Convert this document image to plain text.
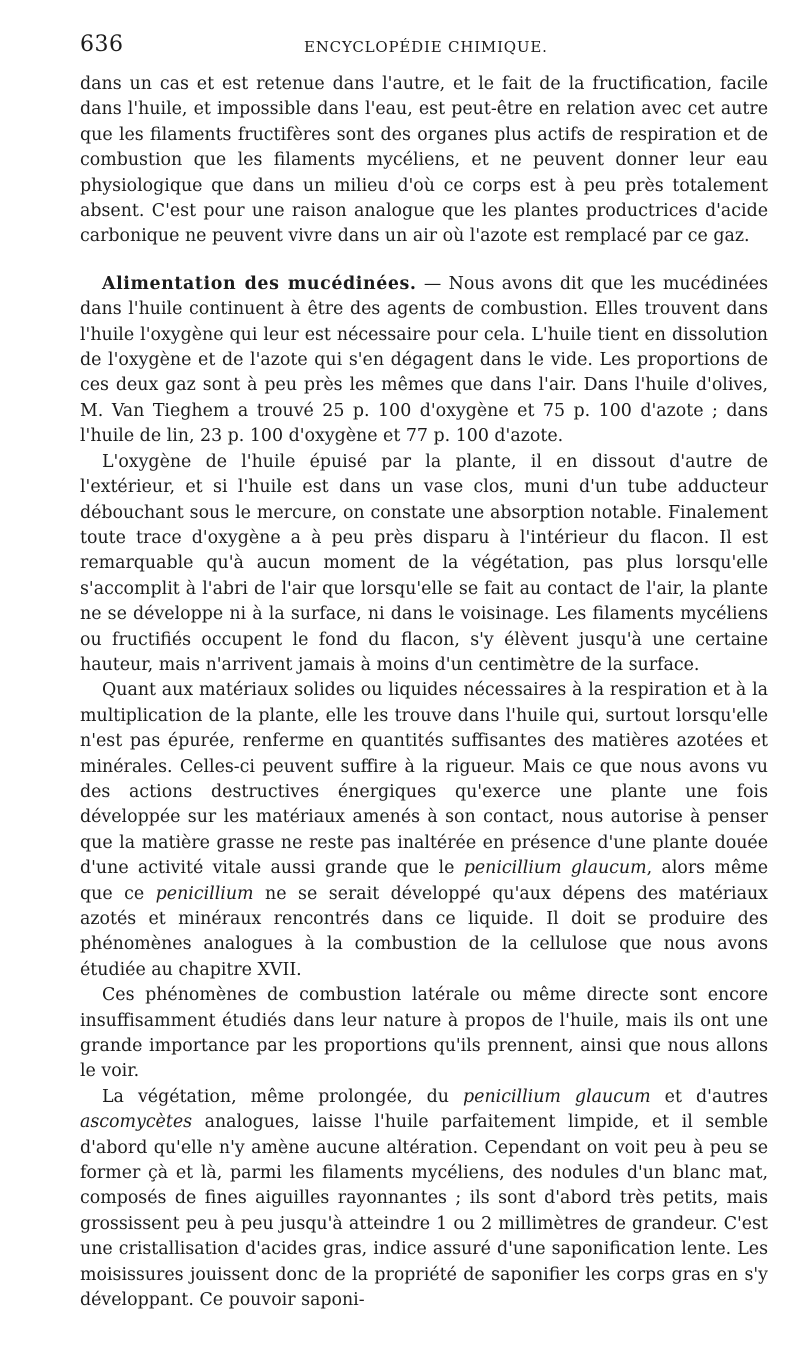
636	ENCYCLOPÉDIE CHIMIQUE.

dans un cas et est retenue dans l'autre, et le fait de la fructification, facile dans l'huile, et impossible dans l'eau, est peut-être en relation avec cet autre que les filaments fructifères sont des organes plus actifs de respiration et de combustion que les filaments mycéliens, et ne peuvent donner leur eau physiologique que dans un milieu d'où ce corps est à peu près totalement absent. C'est pour une raison analogue que les plantes productrices d'acide carbonique ne peuvent vivre dans un air où l'azote est remplacé par ce gaz.

Alimentation des mucédinées. — Nous avons dit que les mucédinées dans l'huile continuent à être des agents de combustion. Elles trouvent dans l'huile l'oxygène qui leur est nécessaire pour cela. L'huile tient en dissolution de l'oxygène et de l'azote qui s'en dégagent dans le vide. Les proportions de ces deux gaz sont à peu près les mêmes que dans l'air. Dans l'huile d'olives, M. Van Tieghem a trouvé 25 p. 100 d'oxygène et 75 p. 100 d'azote ; dans l'huile de lin, 23 p. 100 d'oxygène et 77 p. 100 d'azote.

L'oxygène de l'huile épuisé par la plante, il en dissout d'autre de l'extérieur, et si l'huile est dans un vase clos, muni d'un tube adducteur débouchant sous le mercure, on constate une absorption notable. Finalement toute trace d'oxygène a à peu près disparu à l'intérieur du flacon. Il est remarquable qu'à aucun moment de la végétation, pas plus lorsqu'elle s'accomplit à l'abri de l'air que lorsqu'elle se fait au contact de l'air, la plante ne se développe ni à la surface, ni dans le voisinage. Les filaments mycéliens ou fructifiés occupent le fond du flacon, s'y élèvent jusqu'à une certaine hauteur, mais n'arrivent jamais à moins d'un centimètre de la surface.

Quant aux matériaux solides ou liquides nécessaires à la respiration et à la multiplication de la plante, elle les trouve dans l'huile qui, surtout lorsqu'elle n'est pas épurée, renferme en quantités suffisantes des matières azotées et minérales. Celles-ci peuvent suffire à la rigueur. Mais ce que nous avons vu des actions destructives énergiques qu'exerce une plante une fois développée sur les matériaux amenés à son contact, nous autorise à penser que la matière grasse ne reste pas inaltérée en présence d'une plante douée d'une activité vitale aussi grande que le penicillium glaucum, alors même que ce penicillium ne se serait développé qu'aux dépens des matériaux azotés et minéraux rencontrés dans ce liquide. Il doit se produire des phénomènes analogues à la combustion de la cellulose que nous avons étudiée au chapitre XVII.

Ces phénomènes de combustion latérale ou même directe sont encore insuffisamment étudiés dans leur nature à propos de l'huile, mais ils ont une grande importance par les proportions qu'ils prennent, ainsi que nous allons le voir.

La végétation, même prolongée, du penicillium glaucum et d'autres ascomycètes analogues, laisse l'huile parfaitement limpide, et il semble d'abord qu'elle n'y amène aucune altération. Cependant on voit peu à peu se former çà et là, parmi les filaments mycéliens, des nodules d'un blanc mat, composés de fines aiguilles rayonnantes ; ils sont d'abord très petits, mais grossissent peu à peu jusqu'à atteindre 1 ou 2 millimètres de grandeur. C'est une cristallisation d'acides gras, indice assuré d'une saponification lente. Les moisissures jouissent donc de la propriété de saponifier les corps gras en s'y développant. Ce pouvoir saponi-
